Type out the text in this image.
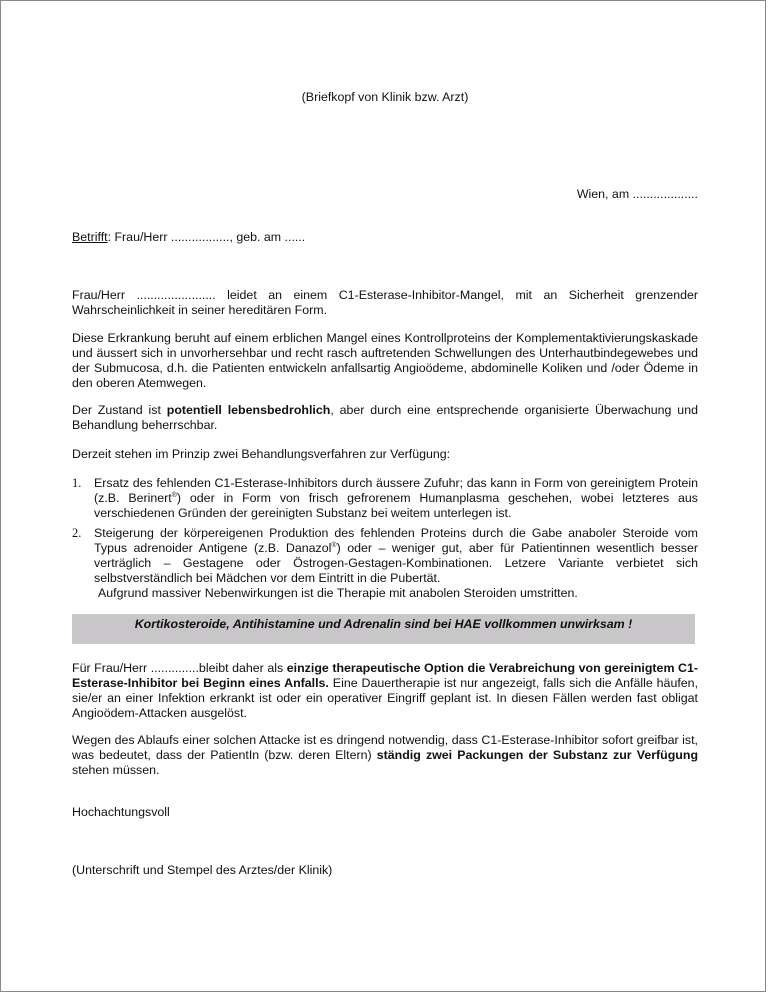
(Briefkopf von Klinik bzw. Arzt)
Wien, am ...................
Betrifft: Frau/Herr ................., geb. am ......
Frau/Herr ....................... leidet an einem C1-Esterase-Inhibitor-Mangel, mit an Sicherheit grenzender Wahrscheinlichkeit in seiner hereditären Form.
Diese Erkrankung beruht auf einem erblichen Mangel eines Kontrollproteins der Komplementaktivierungskaskade und äussert sich in unvorhersehbar und recht rasch auftretenden Schwellungen des Unterhautbindegewebes und der Submucosa, d.h. die Patienten entwickeln anfallsartig Angioödeme, abdominelle Koliken und /oder Ödeme in den oberen Atemwegen.
Der Zustand ist potentiell lebensbedrohlich, aber durch eine entsprechende organisierte Überwachung und Behandlung beherrschbar.
Derzeit stehen im Prinzip zwei Behandlungsverfahren zur Verfügung:
1.	Ersatz des fehlenden C1-Esterase-Inhibitors durch äussere Zufuhr; das kann in Form von gereinigtem Protein (z.B. Berinert®) oder in Form von frisch gefrorenem Humanplasma geschehen, wobei letzteres aus verschiedenen Gründen der gereinigten Substanz bei weitem unterlegen ist.
2.	Steigerung der körpereigenen Produktion des fehlenden Proteins durch die Gabe anaboler Steroide vom Typus adrenoider Antigene (z.B. Danazol®) oder – weniger gut, aber für Patientinnen wesentlich besser verträglich – Gestagene oder Östrogen-Gestagen-Kombinationen. Letzere Variante verbietet sich selbstverständlich bei Mädchen vor dem Eintritt in die Pubertät.
Aufgrund massiver Nebenwirkungen ist die Therapie mit anabolen Steroiden umstritten.
Kortikosteroide, Antihistamine und Adrenalin sind bei HAE vollkommen unwirksam !
Für Frau/Herr ..............bleibt daher als einzige therapeutische Option die Verabreichung von gereinigtem C1-Esterase-Inhibitor bei Beginn eines Anfalls. Eine Dauertherapie ist nur angezeigt, falls sich die Anfälle häufen, sie/er an einer Infektion erkrankt ist oder ein operativer Eingriff geplant ist. In diesen Fällen werden fast obligat Angioödem-Attacken ausgelöst.
Wegen des Ablaufs einer solchen Attacke ist es dringend notwendig, dass C1-Esterase-Inhibitor sofort greifbar ist, was bedeutet, dass der PatientIn (bzw. deren Eltern) ständig zwei Packungen der Substanz zur Verfügung stehen müssen.
Hochachtungsvoll
(Unterschrift und Stempel des Arztes/der Klinik)
